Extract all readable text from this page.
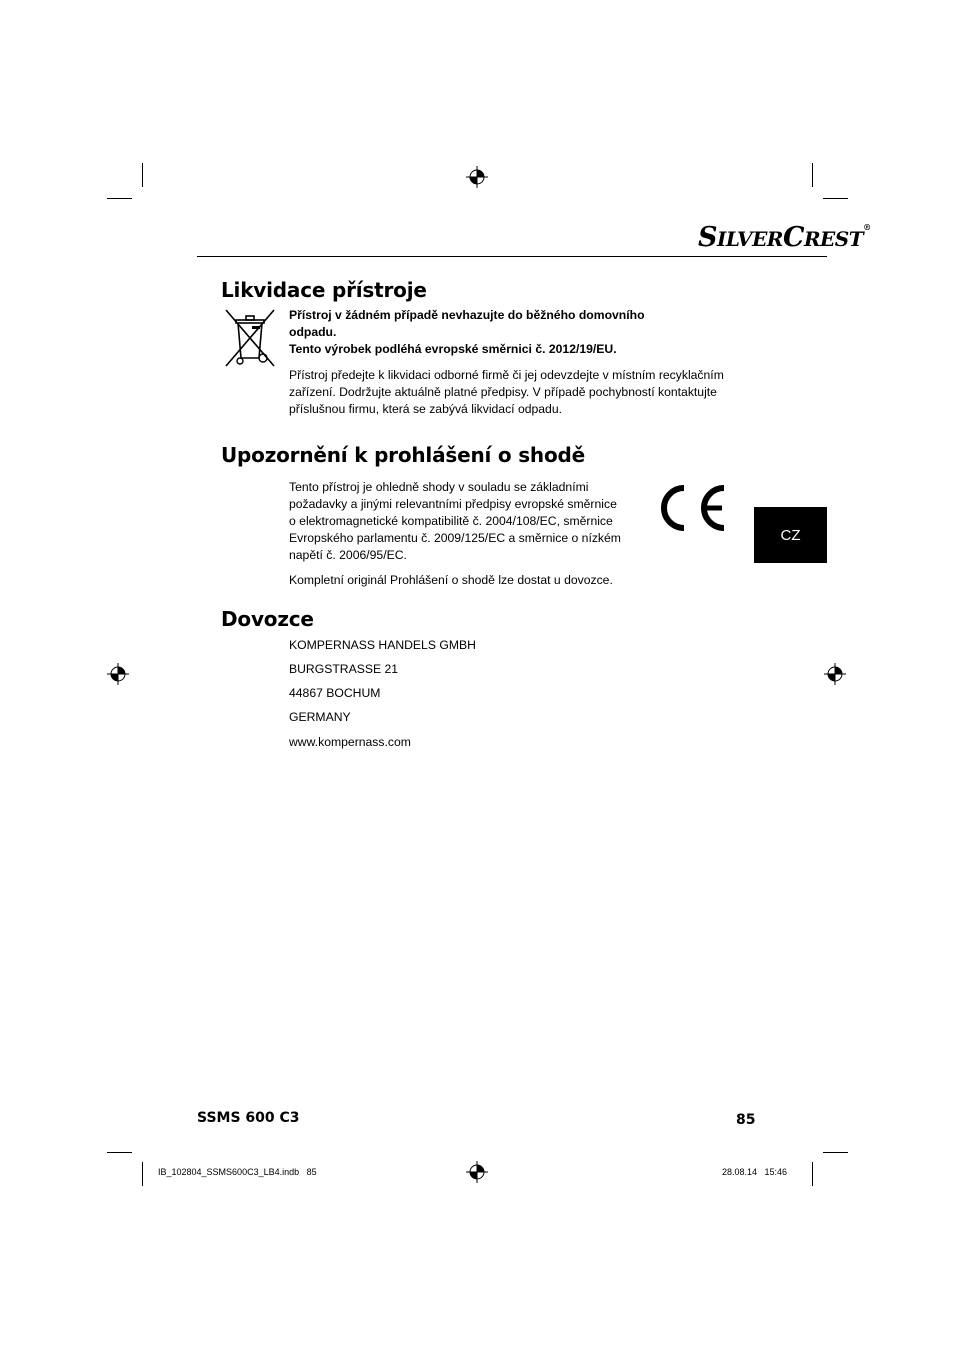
SILVERCREST®
Likvidace přístroje

Přístroj v žádném případě nevhazujte do běžného domovního

odpadu.

Tento výrobek podléhá evropské směrnici č. 2012/19/EU.

Přístroj předejte k likvidaci odborné firmě či jej odevzdejte v místním recyklačním

zařízení. Dodržujte aktuálně platné předpisy. V případě pochybností kontaktujte

příslušnou firmu, která se zabývá likvidací odpadu.

Upozornění k prohlášení o shodě

Tento přístroj je ohledně shody v souladu se základními

požadavky a jinými relevantními předpisy evropské směrnice

o elektromagnetické kompatibilitě č. 2004/108/EC, směrnice

Evropského parlamentu č. 2009/125/EC a směrnice o nízkém

napětí č. 2006/95/EC.

Kompletní originál Prohlášení o shodě lze dostat u dovozce.

CZ
Dovozce

KOMPERNASS HANDELS GMBH

BURGSTRASSE 21

44867 BOCHUM

GERMANY

www.kompernass.com

SSMS 600 C3	85
IB_102804_SSMS600C3_LB4.indb   85	28.08.14   15:46
